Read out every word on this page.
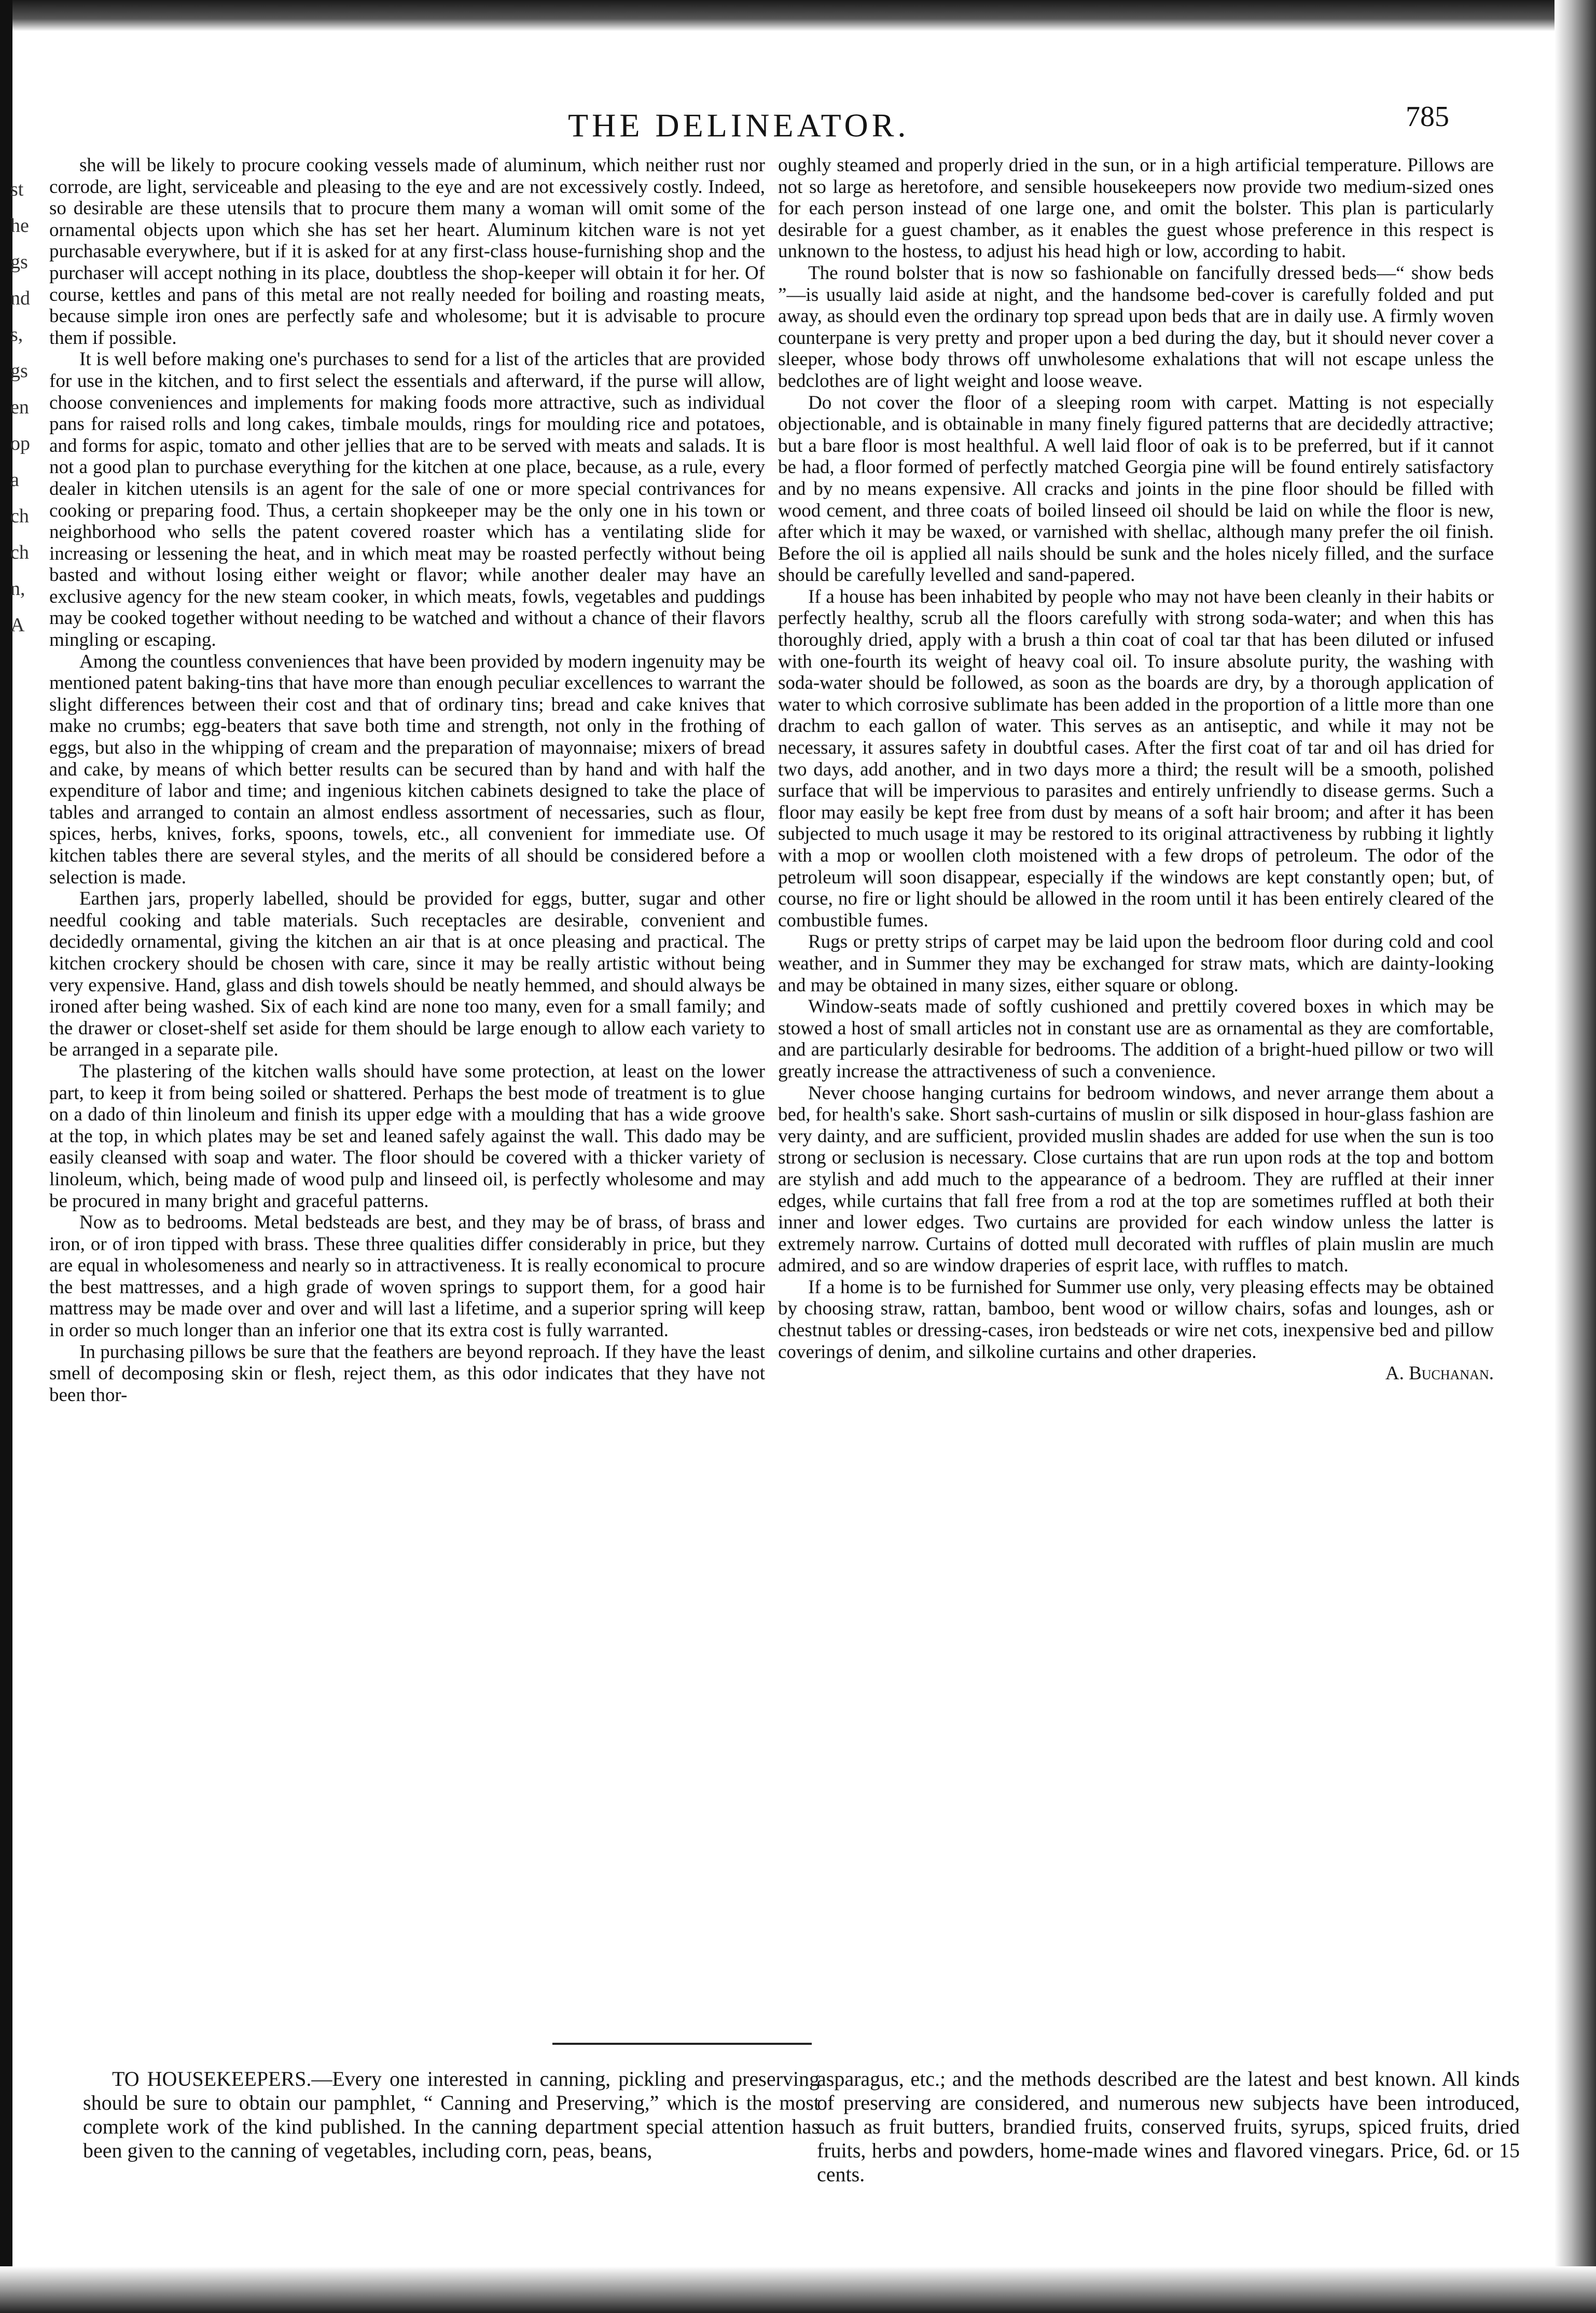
st
he
gs
nd
s,
gs
en
op
a
ch
ch
n,
A
THE DELINEATOR.	785

she will be likely to procure cooking vessels made of aluminum, which neither rust nor corrode, are light, serviceable and pleasing to the eye and are not excessively costly. Indeed, so desirable are these utensils that to procure them many a woman will omit some of the ornamental objects upon which she has set her heart. Aluminum kitchen ware is not yet purchasable everywhere, but if it is asked for at any first-class house-furnishing shop and the purchaser will accept nothing in its place, doubtless the shop-keeper will obtain it for her. Of course, kettles and pans of this metal are not really needed for boiling and roasting meats, because simple iron ones are perfectly safe and wholesome; but it is advisable to procure them if possible.

It is well before making one's purchases to send for a list of the articles that are provided for use in the kitchen, and to first select the essentials and afterward, if the purse will allow, choose conveniences and implements for making foods more attractive, such as individual pans for raised rolls and long cakes, timbale moulds, rings for moulding rice and potatoes, and forms for aspic, tomato and other jellies that are to be served with meats and salads. It is not a good plan to purchase everything for the kitchen at one place, because, as a rule, every dealer in kitchen utensils is an agent for the sale of one or more special contrivances for cooking or preparing food. Thus, a certain shopkeeper may be the only one in his town or neighborhood who sells the patent covered roaster which has a ventilating slide for increasing or lessening the heat, and in which meat may be roasted perfectly without being basted and without losing either weight or flavor; while another dealer may have an exclusive agency for the new steam cooker, in which meats, fowls, vegetables and puddings may be cooked together without needing to be watched and without a chance of their flavors mingling or escaping.

Among the countless conveniences that have been provided by modern ingenuity may be mentioned patent baking-tins that have more than enough peculiar excellences to warrant the slight differences between their cost and that of ordinary tins; bread and cake knives that make no crumbs; egg-beaters that save both time and strength, not only in the frothing of eggs, but also in the whipping of cream and the preparation of mayonnaise; mixers of bread and cake, by means of which better results can be secured than by hand and with half the expenditure of labor and time; and ingenious kitchen cabinets designed to take the place of tables and arranged to contain an almost endless assortment of necessaries, such as flour, spices, herbs, knives, forks, spoons, towels, etc., all convenient for immediate use. Of kitchen tables there are several styles, and the merits of all should be considered before a selection is made.

Earthen jars, properly labelled, should be provided for eggs, butter, sugar and other needful cooking and table materials. Such receptacles are desirable, convenient and decidedly ornamental, giving the kitchen an air that is at once pleasing and practical. The kitchen crockery should be chosen with care, since it may be really artistic without being very expensive. Hand, glass and dish towels should be neatly hemmed, and should always be ironed after being washed. Six of each kind are none too many, even for a small family; and the drawer or closet-shelf set aside for them should be large enough to allow each variety to be arranged in a separate pile.

The plastering of the kitchen walls should have some protection, at least on the lower part, to keep it from being soiled or shattered. Perhaps the best mode of treatment is to glue on a dado of thin linoleum and finish its upper edge with a moulding that has a wide groove at the top, in which plates may be set and leaned safely against the wall. This dado may be easily cleansed with soap and water. The floor should be covered with a thicker variety of linoleum, which, being made of wood pulp and linseed oil, is perfectly wholesome and may be procured in many bright and graceful patterns.

Now as to bedrooms. Metal bedsteads are best, and they may be of brass, of brass and iron, or of iron tipped with brass. These three qualities differ considerably in price, but they are equal in wholesomeness and nearly so in attractiveness. It is really economical to procure the best mattresses, and a high grade of woven springs to support them, for a good hair mattress may be made over and over and will last a lifetime, and a superior spring will keep in order so much longer than an inferior one that its extra cost is fully warranted.

In purchasing pillows be sure that the feathers are beyond reproach. If they have the least smell of decomposing skin or flesh, reject them, as this odor indicates that they have not been thor-

oughly steamed and properly dried in the sun, or in a high artificial temperature. Pillows are not so large as heretofore, and sensible housekeepers now provide two medium-sized ones for each person instead of one large one, and omit the bolster. This plan is particularly desirable for a guest chamber, as it enables the guest whose preference in this respect is unknown to the hostess, to adjust his head high or low, according to habit.

The round bolster that is now so fashionable on fancifully dressed beds—“ show beds ”—is usually laid aside at night, and the handsome bed-cover is carefully folded and put away, as should even the ordinary top spread upon beds that are in daily use. A firmly woven counterpane is very pretty and proper upon a bed during the day, but it should never cover a sleeper, whose body throws off unwholesome exhalations that will not escape unless the bedclothes are of light weight and loose weave.

Do not cover the floor of a sleeping room with carpet. Matting is not especially objectionable, and is obtainable in many finely figured patterns that are decidedly attractive; but a bare floor is most healthful. A well laid floor of oak is to be preferred, but if it cannot be had, a floor formed of perfectly matched Georgia pine will be found entirely satisfactory and by no means expensive. All cracks and joints in the pine floor should be filled with wood cement, and three coats of boiled linseed oil should be laid on while the floor is new, after which it may be waxed, or varnished with shellac, although many prefer the oil finish. Before the oil is applied all nails should be sunk and the holes nicely filled, and the surface should be carefully levelled and sand-papered.

If a house has been inhabited by people who may not have been cleanly in their habits or perfectly healthy, scrub all the floors carefully with strong soda-water; and when this has thoroughly dried, apply with a brush a thin coat of coal tar that has been diluted or infused with one-fourth its weight of heavy coal oil. To insure absolute purity, the washing with soda-water should be followed, as soon as the boards are dry, by a thorough application of water to which corrosive sublimate has been added in the proportion of a little more than one drachm to each gallon of water. This serves as an antiseptic, and while it may not be necessary, it assures safety in doubtful cases. After the first coat of tar and oil has dried for two days, add another, and in two days more a third; the result will be a smooth, polished surface that will be impervious to parasites and entirely unfriendly to disease germs. Such a floor may easily be kept free from dust by means of a soft hair broom; and after it has been subjected to much usage it may be restored to its original attractiveness by rubbing it lightly with a mop or woollen cloth moistened with a few drops of petroleum. The odor of the petroleum will soon disappear, especially if the windows are kept constantly open; but, of course, no fire or light should be allowed in the room until it has been entirely cleared of the combustible fumes.

Rugs or pretty strips of carpet may be laid upon the bedroom floor during cold and cool weather, and in Summer they may be exchanged for straw mats, which are dainty-looking and may be obtained in many sizes, either square or oblong.

Window-seats made of softly cushioned and prettily covered boxes in which may be stowed a host of small articles not in constant use are as ornamental as they are comfortable, and are particularly desirable for bedrooms. The addition of a bright-hued pillow or two will greatly increase the attractiveness of such a convenience.

Never choose hanging curtains for bedroom windows, and never arrange them about a bed, for health's sake. Short sash-curtains of muslin or silk disposed in hour-glass fashion are very dainty, and are sufficient, provided muslin shades are added for use when the sun is too strong or seclusion is necessary. Close curtains that are run upon rods at the top and bottom are stylish and add much to the appearance of a bedroom. They are ruffled at their inner edges, while curtains that fall free from a rod at the top are sometimes ruffled at both their inner and lower edges. Two curtains are provided for each window unless the latter is extremely narrow. Curtains of dotted mull decorated with ruffles of plain muslin are much admired, and so are window draperies of esprit lace, with ruffles to match.

If a home is to be furnished for Summer use only, very pleasing effects may be obtained by choosing straw, rattan, bamboo, bent wood or willow chairs, sofas and lounges, ash or chestnut tables or dressing-cases, iron bedsteads or wire net cots, inexpensive bed and pillow coverings of denim, and silkoline curtains and other draperies.

A. Buchanan.

TO HOUSEKEEPERS.—Every one interested in canning, pickling and preserving should be sure to obtain our pamphlet, “ Canning and Preserving,” which is the most complete work of the kind published. In the canning department special attention has been given to the canning of vegetables, including corn, peas, beans,

asparagus, etc.; and the methods described are the latest and best known. All kinds of preserving are considered, and numerous new subjects have been introduced, such as fruit butters, brandied fruits, conserved fruits, syrups, spiced fruits, dried fruits, herbs and powders, home-made wines and flavored vinegars. Price, 6d. or 15 cents.
